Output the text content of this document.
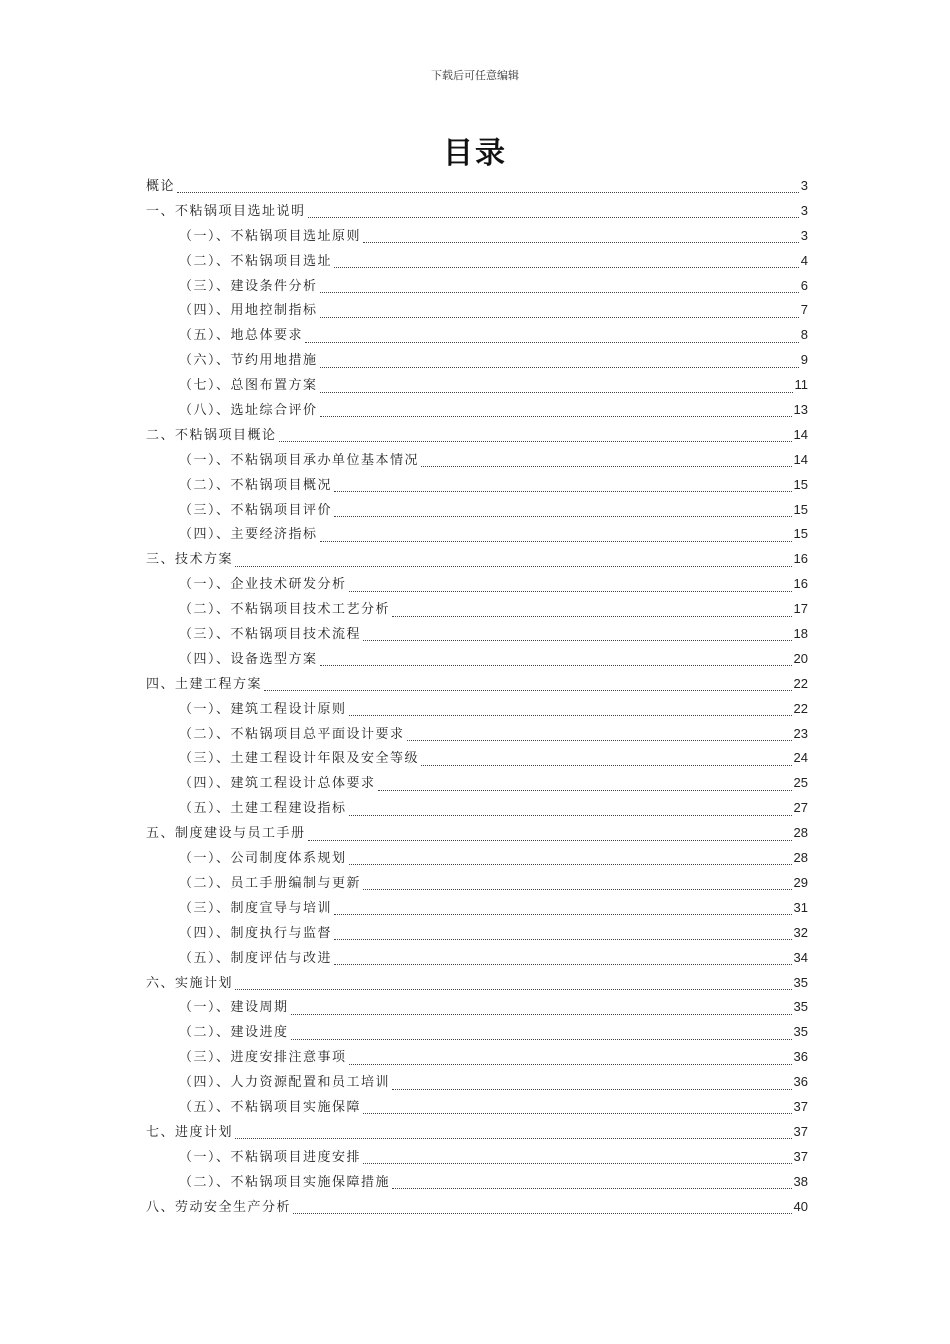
下载后可任意编辑
目录
概论	3
一、不粘锅项目选址说明	3
（一）、不粘锅项目选址原则	3
（二）、不粘锅项目选址	4
（三）、建设条件分析	6
（四）、用地控制指标	7
（五）、地总体要求	8
（六）、节约用地措施	9
（七）、总图布置方案	11
（八）、选址综合评价	13
二、不粘锅项目概论	14
（一）、不粘锅项目承办单位基本情况	14
（二）、不粘锅项目概况	15
（三）、不粘锅项目评价	15
（四）、主要经济指标	15
三、技术方案	16
（一）、企业技术研发分析	16
（二）、不粘锅项目技术工艺分析	17
（三）、不粘锅项目技术流程	18
（四）、设备选型方案	20
四、土建工程方案	22
（一）、建筑工程设计原则	22
（二）、不粘锅项目总平面设计要求	23
（三）、土建工程设计年限及安全等级	24
（四）、建筑工程设计总体要求	25
（五）、土建工程建设指标	27
五、制度建设与员工手册	28
（一）、公司制度体系规划	28
（二）、员工手册编制与更新	29
（三）、制度宣导与培训	31
（四）、制度执行与监督	32
（五）、制度评估与改进	34
六、实施计划	35
（一）、建设周期	35
（二）、建设进度	35
（三）、进度安排注意事项	36
（四）、人力资源配置和员工培训	36
（五）、不粘锅项目实施保障	37
七、进度计划	37
（一）、不粘锅项目进度安排	37
（二）、不粘锅项目实施保障措施	38
八、劳动安全生产分析	40
